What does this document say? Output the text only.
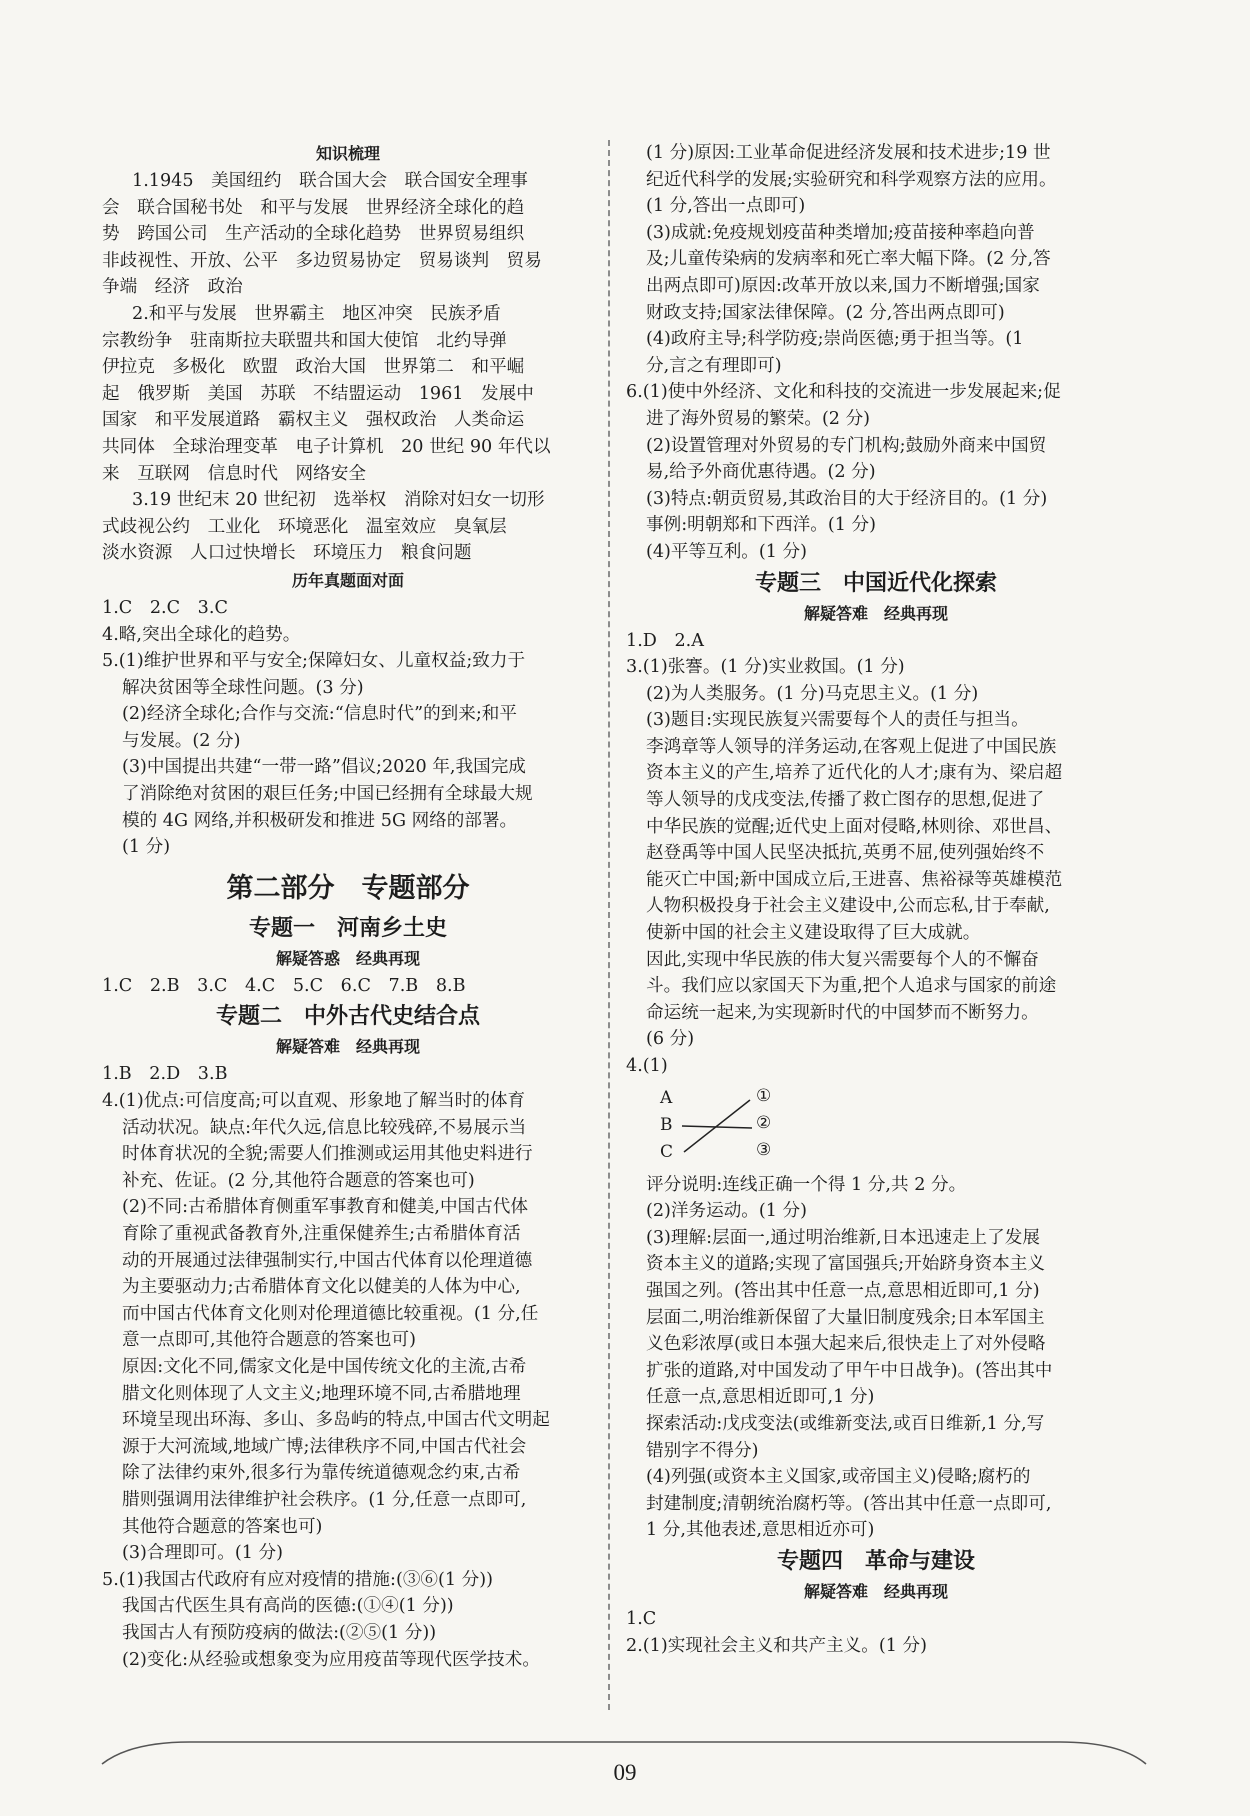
知识梳理
1.1945　美国纽约　联合国大会　联合国安全理事
会　联合国秘书处　和平与发展　世界经济全球化的趋
势　跨国公司　生产活动的全球化趋势　世界贸易组织
非歧视性、开放、公平　多边贸易协定　贸易谈判　贸易
争端　经济　政治
2.和平与发展　世界霸主　地区冲突　民族矛盾
宗教纷争　驻南斯拉夫联盟共和国大使馆　北约导弹
伊拉克　多极化　欧盟　政治大国　世界第二　和平崛
起　俄罗斯　美国　苏联　不结盟运动　1961　发展中
国家　和平发展道路　霸权主义　强权政治　人类命运
共同体　全球治理变革　电子计算机　20 世纪 90 年代以
来　互联网　信息时代　网络安全
3.19 世纪末 20 世纪初　选举权　消除对妇女一切形
式歧视公约　工业化　环境恶化　温室效应　臭氧层
淡水资源　人口过快增长　环境压力　粮食问题
历年真题面对面
1.C　2.C　3.C
4.略,突出全球化的趋势。
5.(1)维护世界和平与安全;保障妇女、儿童权益;致力于
解决贫困等全球性问题。(3 分)
(2)经济全球化;合作与交流:“信息时代”的到来;和平
与发展。(2 分)
(3)中国提出共建“一带一路”倡议;2020 年,我国完成
了消除绝对贫困的艰巨任务;中国已经拥有全球最大规
模的 4G 网络,并积极研发和推进 5G 网络的部署。
(1 分)
第二部分　专题部分
专题一　河南乡土史
解疑答惑　经典再现
1.C　2.B　3.C　4.C　5.C　6.C　7.B　8.B
专题二　中外古代史结合点
解疑答难　经典再现
1.B　2.D　3.B
4.(1)优点:可信度高;可以直观、形象地了解当时的体育
活动状况。缺点:年代久远,信息比较残碎,不易展示当
时体育状况的全貌;需要人们推测或运用其他史料进行
补充、佐证。(2 分,其他符合题意的答案也可)
(2)不同:古希腊体育侧重军事教育和健美,中国古代体
育除了重视武备教育外,注重保健养生;古希腊体育活
动的开展通过法律强制实行,中国古代体育以伦理道德
为主要驱动力;古希腊体育文化以健美的人体为中心,
而中国古代体育文化则对伦理道德比较重视。(1 分,任
意一点即可,其他符合题意的答案也可)
原因:文化不同,儒家文化是中国传统文化的主流,古希
腊文化则体现了人文主义;地理环境不同,古希腊地理
环境呈现出环海、多山、多岛屿的特点,中国古代文明起
源于大河流域,地域广博;法律秩序不同,中国古代社会
除了法律约束外,很多行为靠传统道德观念约束,古希
腊则强调用法律维护社会秩序。(1 分,任意一点即可,
其他符合题意的答案也可)
(3)合理即可。(1 分)
5.(1)我国古代政府有应对疫情的措施:(③⑥(1 分))
我国古代医生具有高尚的医德:(①④(1 分))
我国古人有预防疫病的做法:(②⑤(1 分))
(2)变化:从经验或想象变为应用疫苗等现代医学技术。
(1 分)原因:工业革命促进经济发展和技术进步;19 世
纪近代科学的发展;实验研究和科学观察方法的应用。
(1 分,答出一点即可)
(3)成就:免疫规划疫苗种类增加;疫苗接种率趋向普
及;儿童传染病的发病率和死亡率大幅下降。(2 分,答
出两点即可)原因:改革开放以来,国力不断增强;国家
财政支持;国家法律保障。(2 分,答出两点即可)
(4)政府主导;科学防疫;崇尚医德;勇于担当等。(1
分,言之有理即可)
6.(1)使中外经济、文化和科技的交流进一步发展起来;促
进了海外贸易的繁荣。(2 分)
(2)设置管理对外贸易的专门机构;鼓励外商来中国贸
易,给予外商优惠待遇。(2 分)
(3)特点:朝贡贸易,其政治目的大于经济目的。(1 分)
事例:明朝郑和下西洋。(1 分)
(4)平等互利。(1 分)
专题三　中国近代化探索
解疑答难　经典再现
1.D　2.A
3.(1)张謇。(1 分)实业救国。(1 分)
(2)为人类服务。(1 分)马克思主义。(1 分)
(3)题目:实现民族复兴需要每个人的责任与担当。
李鸿章等人领导的洋务运动,在客观上促进了中国民族
资本主义的产生,培养了近代化的人才;康有为、梁启超
等人领导的戊戌变法,传播了救亡图存的思想,促进了
中华民族的觉醒;近代史上面对侵略,林则徐、邓世昌、
赵登禹等中国人民坚决抵抗,英勇不屈,使列强始终不
能灭亡中国;新中国成立后,王进喜、焦裕禄等英雄模范
人物积极投身于社会主义建设中,公而忘私,甘于奉献,
使新中国的社会主义建设取得了巨大成就。
因此,实现中华民族的伟大复兴需要每个人的不懈奋
斗。我们应以家国天下为重,把个人追求与国家的前途
命运统一起来,为实现新时代的中国梦而不断努力。
(6 分)
4.(1)
A
B
C
①
②
③
评分说明:连线正确一个得 1 分,共 2 分。
(2)洋务运动。(1 分)
(3)理解:层面一,通过明治维新,日本迅速走上了发展
资本主义的道路;实现了富国强兵;开始跻身资本主义
强国之列。(答出其中任意一点,意思相近即可,1 分)
层面二,明治维新保留了大量旧制度残余;日本军国主
义色彩浓厚(或日本强大起来后,很快走上了对外侵略
扩张的道路,对中国发动了甲午中日战争)。(答出其中
任意一点,意思相近即可,1 分)
探索活动:戊戌变法(或维新变法,或百日维新,1 分,写
错别字不得分)
(4)列强(或资本主义国家,或帝国主义)侵略;腐朽的
封建制度;清朝统治腐朽等。(答出其中任意一点即可,
1 分,其他表述,意思相近亦可)
专题四　革命与建设
解疑答难　经典再现
1.C
2.(1)实现社会主义和共产主义。(1 分)
09
